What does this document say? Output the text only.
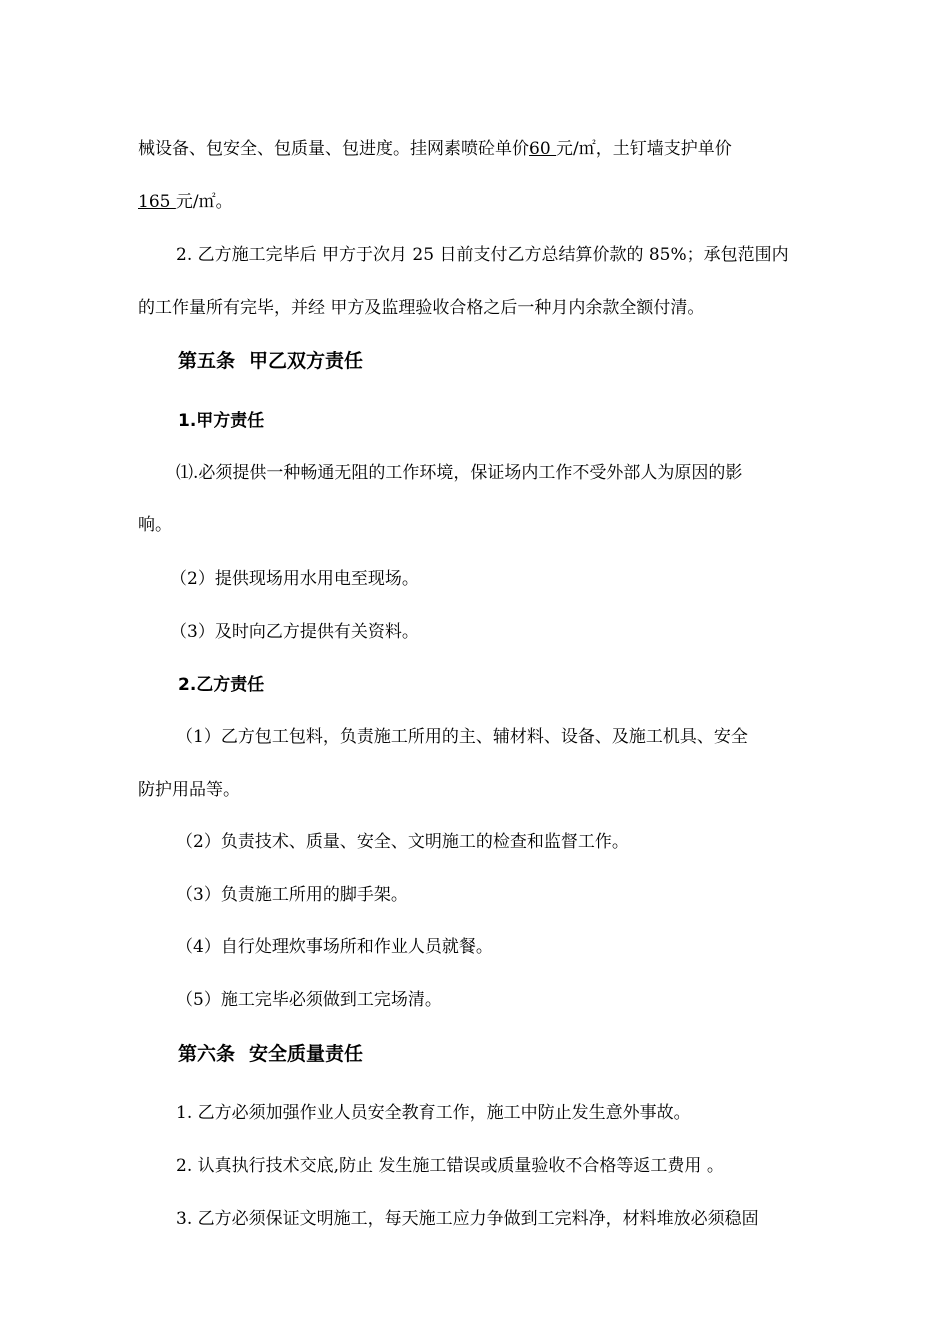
械设备、包安全、包质量、包进度。挂网素喷砼单价60 元/㎡，土钉墙支护单价
165 元/㎡。
2. 乙方施工完毕后 甲方于次月 25 日前支付乙方总结算价款的 85%；承包范围内
的工作量所有完毕，并经 甲方及监理验收合格之后一种月内余款全额付清。
第五条 甲乙双方责任
1.甲方责任
⑴.必须提供一种畅通无阻的工作环境，保证场内工作不受外部人为原因的影
响。
（2）提供现场用水用电至现场。
（3）及时向乙方提供有关资料。
2.乙方责任
（1）乙方包工包料，负责施工所用的主、辅材料、设备、及施工机具、安全
防护用品等。
（2）负责技术、质量、安全、文明施工的检查和监督工作。
（3）负责施工所用的脚手架。
（4）自行处理炊事场所和作业人员就餐。
（5）施工完毕必须做到工完场清。
第六条 安全质量责任
1. 乙方必须加强作业人员安全教育工作，施工中防止发生意外事故。
2. 认真执行技术交底,防止 发生施工错误或质量验收不合格等返工费用 。
3. 乙方必须保证文明施工，每天施工应力争做到工完料净，材料堆放必须稳固
